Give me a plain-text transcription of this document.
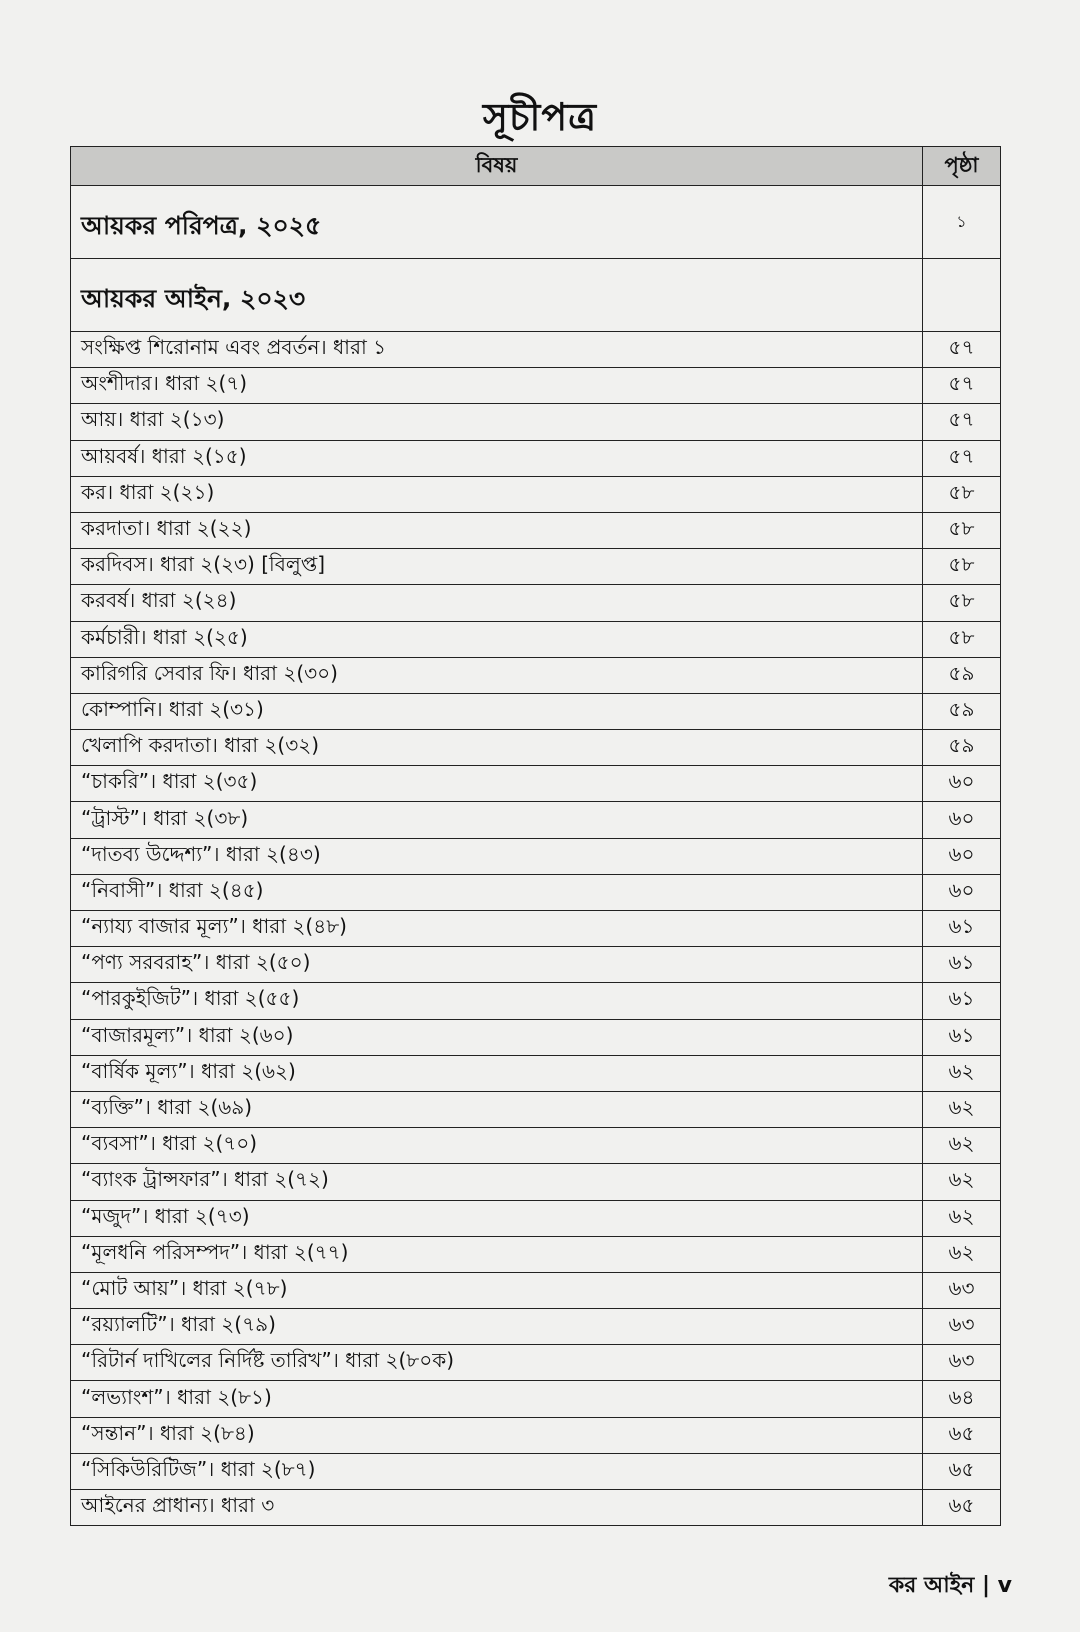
সূচীপত্র
বিষয়	পৃষ্ঠা
আয়কর পরিপত্র, ২০২৫	১
আয়কর আইন, ২০২৩	
সংক্ষিপ্ত শিরোনাম এবং প্রবর্তন। ধারা ১	৫৭
অংশীদার। ধারা ২(৭)	৫৭
আয়। ধারা ২(১৩)	৫৭
আয়বর্ষ। ধারা ২(১৫)	৫৭
কর। ধারা ২(২১)	৫৮
করদাতা। ধারা ২(২২)	৫৮
করদিবস। ধারা ২(২৩) [বিলুপ্ত]	৫৮
করবর্ষ। ধারা ২(২৪)	৫৮
কর্মচারী। ধারা ২(২৫)	৫৮
কারিগরি সেবার ফি। ধারা ২(৩০)	৫৯
কোম্পানি। ধারা ২(৩১)	৫৯
খেলাপি করদাতা। ধারা ২(৩২)	৫৯
“চাকরি”। ধারা ২(৩৫)	৬০
“ট্রাস্ট”। ধারা ২(৩৮)	৬০
“দাতব্য উদ্দেশ্য”। ধারা ২(৪৩)	৬০
“নিবাসী”। ধারা ২(৪৫)	৬০
“ন্যায্য বাজার মূল্য”। ধারা ২(৪৮)	৬১
“পণ্য সরবরাহ”। ধারা ২(৫০)	৬১
“পারকুইজিট”। ধারা ২(৫৫)	৬১
“বাজারমূল্য”। ধারা ২(৬০)	৬১
“বার্ষিক মূল্য”। ধারা ২(৬২)	৬২
“ব্যক্তি”। ধারা ২(৬৯)	৬২
“ব্যবসা”। ধারা ২(৭০)	৬২
“ব্যাংক ট্রান্সফার”। ধারা ২(৭২)	৬২
“মজুদ”। ধারা ২(৭৩)	৬২
“মূলধনি পরিসম্পদ”। ধারা ২(৭৭)	৬২
“মোট আয়”। ধারা ২(৭৮)	৬৩
“রয়্যালটি”। ধারা ২(৭৯)	৬৩
“রিটার্ন দাখিলের নির্দিষ্ট তারিখ”। ধারা ২(৮০ক)	৬৩
“লভ্যাংশ”। ধারা ২(৮১)	৬৪
“সন্তান”। ধারা ২(৮৪)	৬৫
“সিকিউরিটিজ”। ধারা ২(৮৭)	৬৫
আইনের প্রাধান্য। ধারা ৩	৬৫
কর আইন | v
